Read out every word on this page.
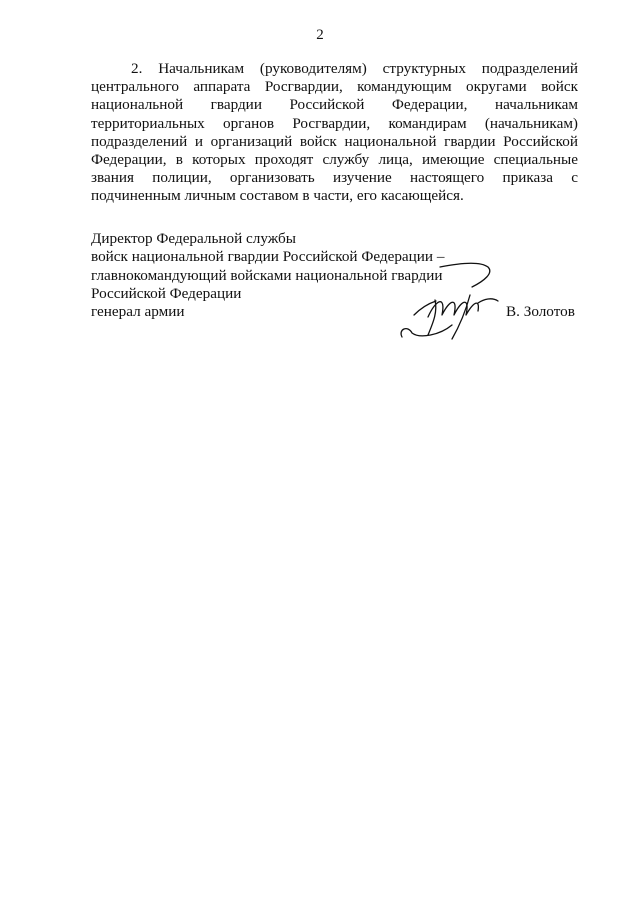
2
2. Начальникам (руководителям) структурных подразделений
центрального аппарата Росгвардии, командующим округами войск
национальной гвардии Российской Федерации, начальникам
территориальных органов Росгвардии, командирам (начальникам)
подразделений и организаций войск национальной гвардии Российской
Федерации, в которых проходят службу лица, имеющие специальные
звания полиции, организовать изучение настоящего приказа с
подчиненным личным составом в части, его касающейся.
Директор Федеральной службы
войск национальной гвардии Российской Федерации –
главнокомандующий войсками национальной гвардии
Российской Федерации
генерал армии	В. Золотов
